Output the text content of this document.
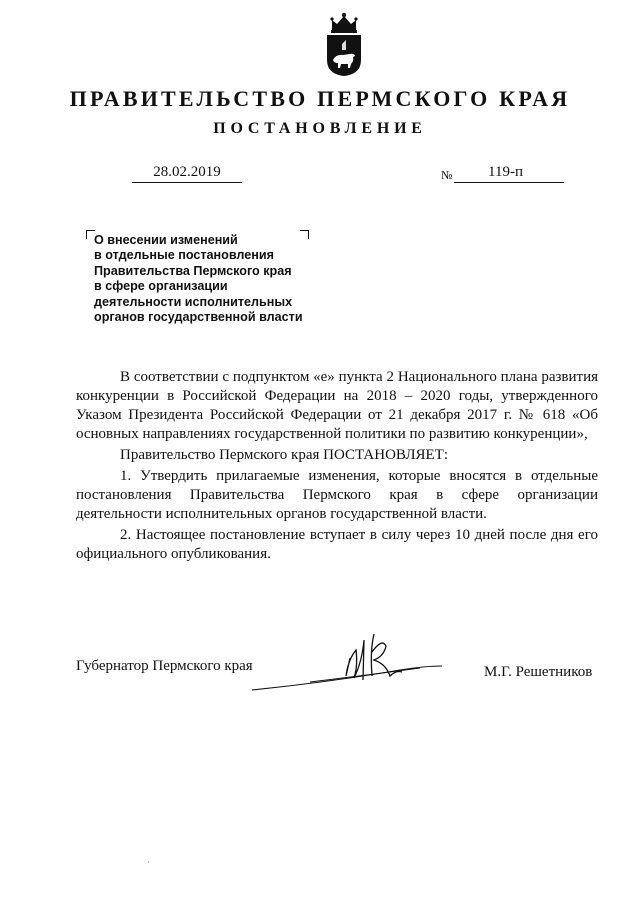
ПРАВИТЕЛЬСТВО ПЕРМСКОГО КРАЯ
ПОСТАНОВЛЕНИЕ
28.02.2019	№	119-п
О внесении изменений
в отдельные постановления
Правительства Пермского края
в сфере организации
деятельности исполнительных
органов государственной власти

В соответствии с подпунктом «е» пункта 2 Национального плана развития конкуренции в Российской Федерации на 2018 – 2020 годы, утвержденного Указом Президента Российской Федерации от 21 декабря 2017 г. № 618 «Об основных направлениях государственной политики по развитию конкуренции»,

Правительство Пермского края ПОСТАНОВЛЯЕТ:

1. Утвердить прилагаемые изменения, которые вносятся в отдельные постановления Правительства Пермского края в сфере организации деятельности исполнительных органов государственной власти.

2. Настоящее постановление вступает в силу через 10 дней после дня его официального опубликования.

Губернатор Пермского края	М.Г. Решетников
·
